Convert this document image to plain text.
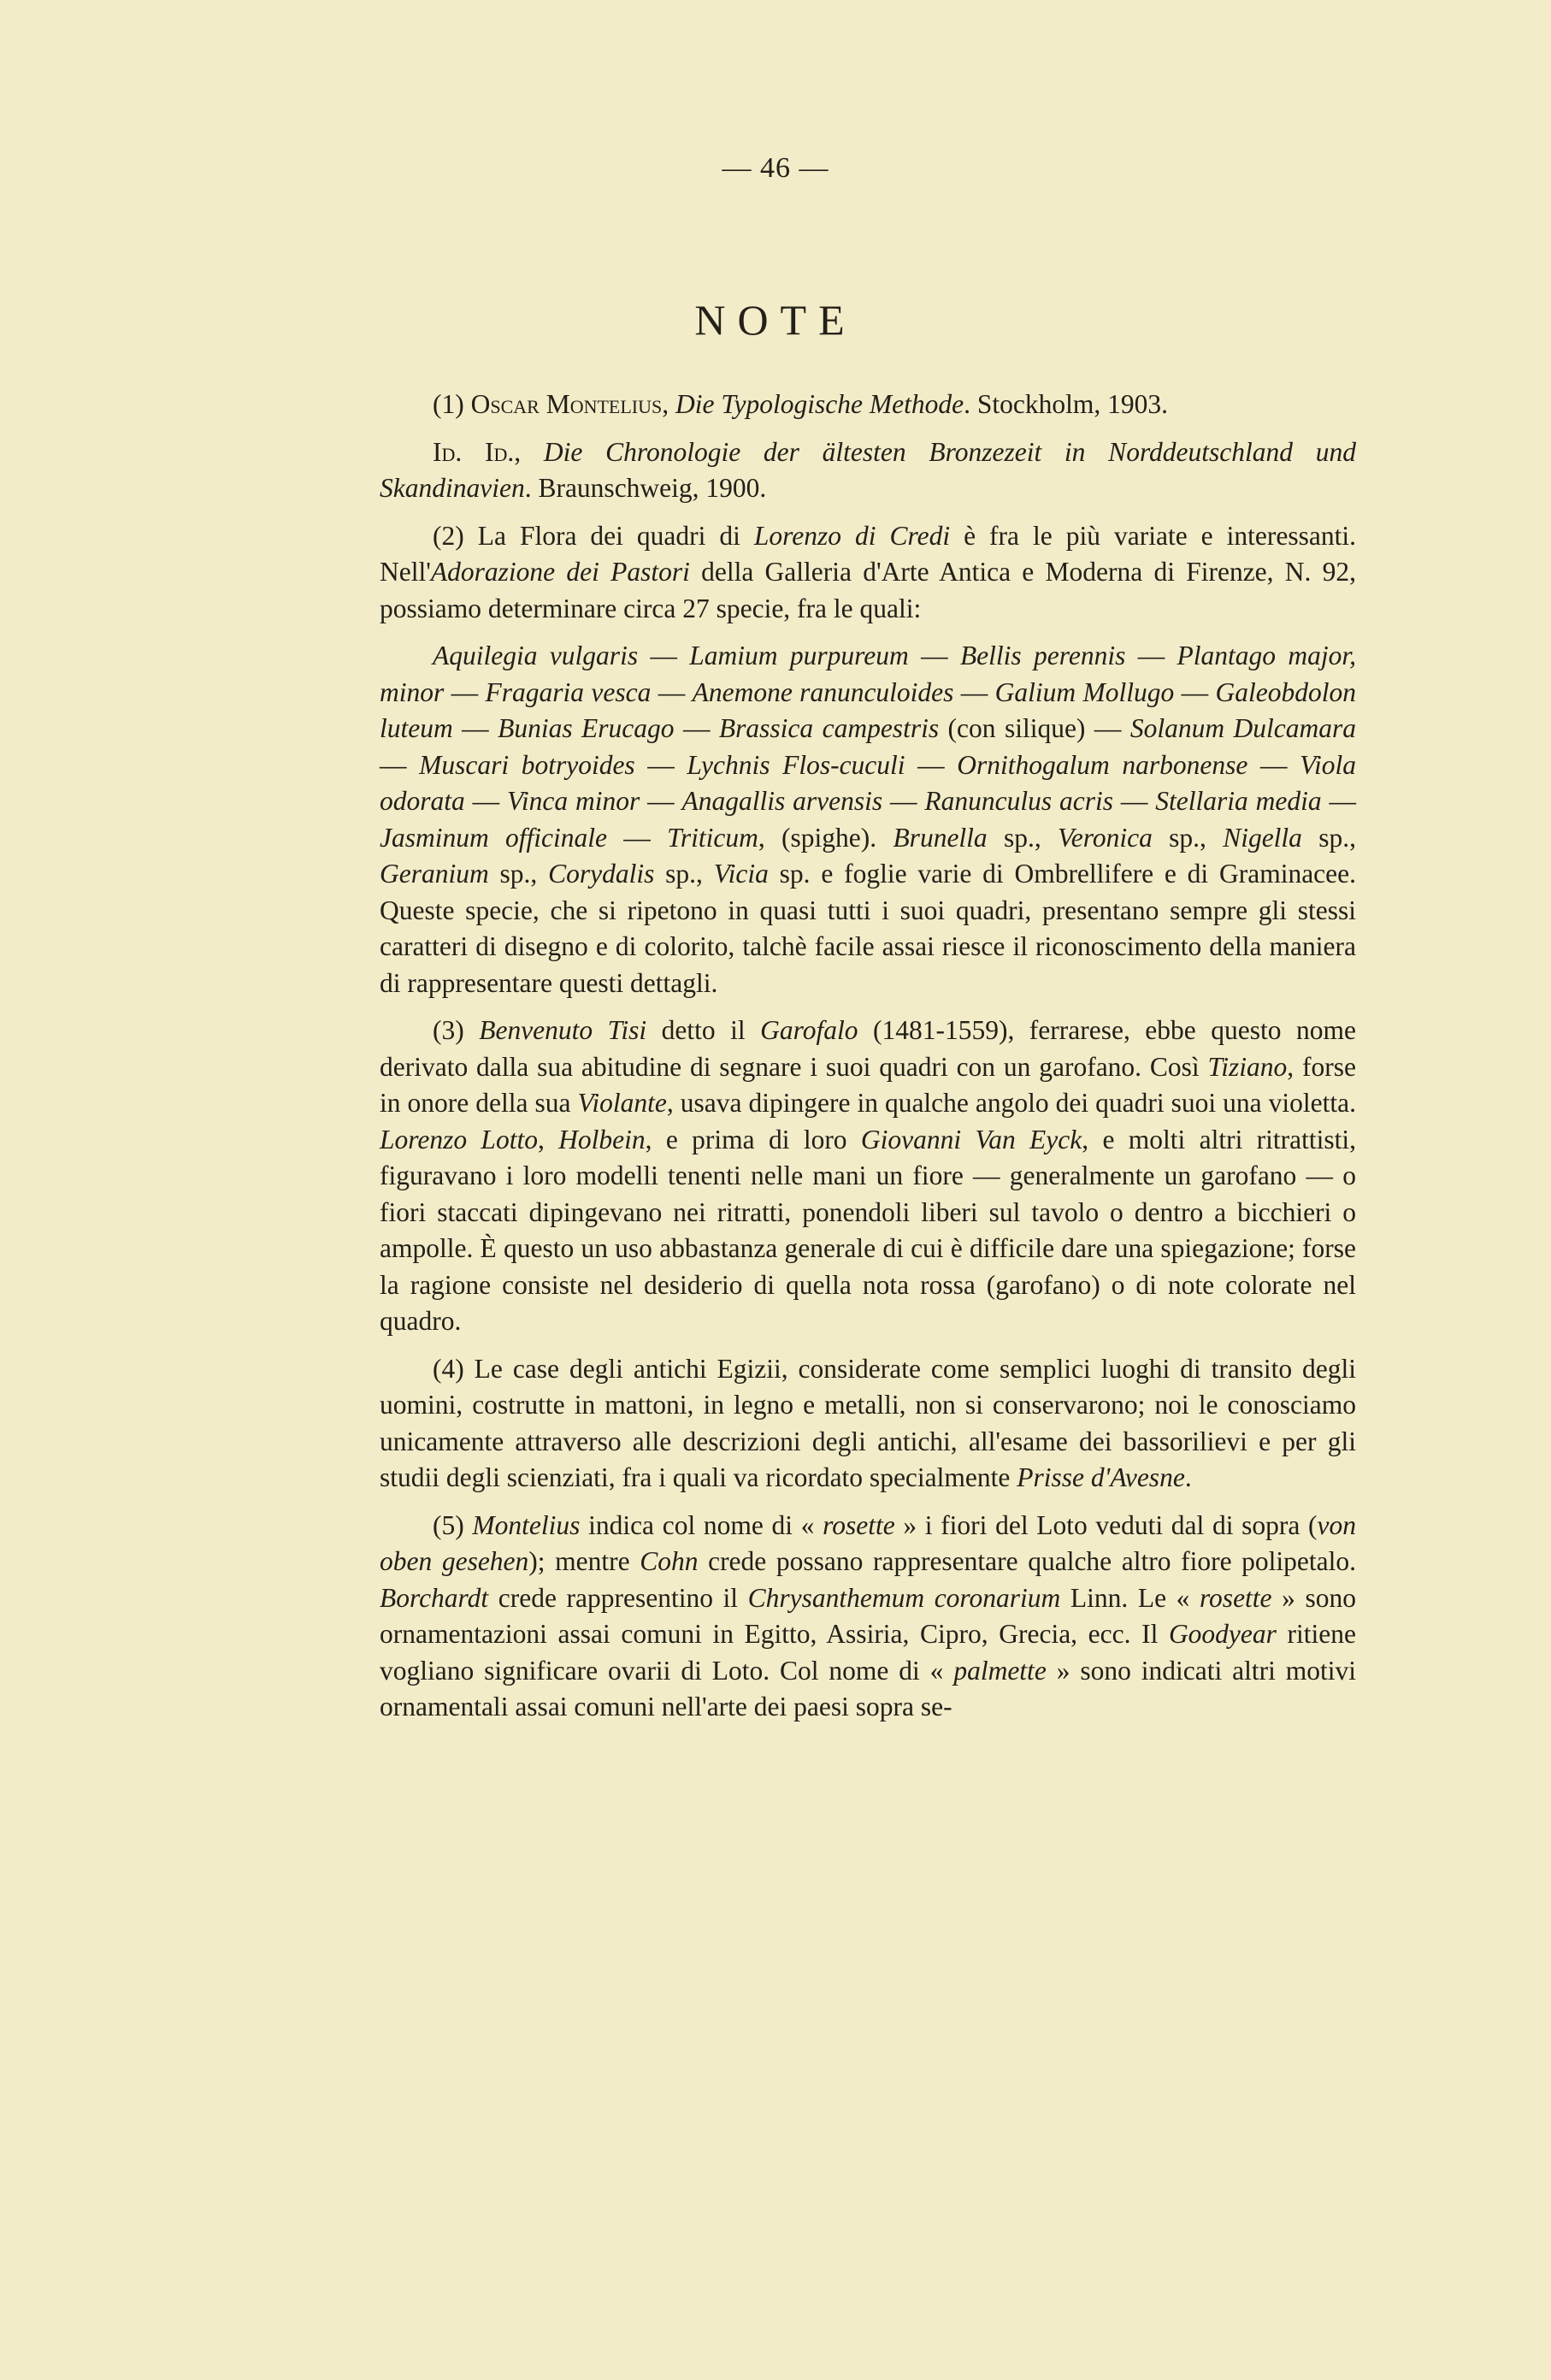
— 46 —
NOTE

(1) Oscar Montelius, Die Typologische Methode. Stockholm, 1903.

Id. Id., Die Chronologie der ältesten Bronzezeit in Norddeutschland und Skandinavien. Braunschweig, 1900.

(2) La Flora dei quadri di Lorenzo di Credi è fra le più variate e interessanti. Nell'Adorazione dei Pastori della Galleria d'Arte Antica e Moderna di Firenze, N. 92, possiamo determinare circa 27 specie, fra le quali:

Aquilegia vulgaris — Lamium purpureum — Bellis perennis — Plantago major, minor — Fragaria vesca — Anemone ranunculoides — Galium Mollugo — Galeobdolon luteum — Bunias Erucago — Brassica campestris (con silique) — Solanum Dulcamara — Muscari botryoides — Lychnis Flos-cuculi — Ornithogalum narbonense — Viola odorata — Vinca minor — Anagallis arvensis — Ranunculus acris — Stellaria media — Jasminum officinale — Triticum, (spighe). Brunella sp., Veronica sp., Nigella sp., Geranium sp., Corydalis sp., Vicia sp. e foglie varie di Ombrellifere e di Graminacee. Queste specie, che si ripetono in quasi tutti i suoi quadri, presentano sempre gli stessi caratteri di disegno e di colorito, talchè facile assai riesce il riconoscimento della maniera di rappresentare questi dettagli.

(3) Benvenuto Tisi detto il Garofalo (1481-1559), ferrarese, ebbe questo nome derivato dalla sua abitudine di segnare i suoi quadri con un garofano. Così Tiziano, forse in onore della sua Violante, usava dipingere in qualche angolo dei quadri suoi una violetta. Lorenzo Lotto, Holbein, e prima di loro Giovanni Van Eyck, e molti altri ritrattisti, figuravano i loro modelli tenenti nelle mani un fiore — generalmente un garofano — o fiori staccati dipingevano nei ritratti, ponendoli liberi sul tavolo o dentro a bicchieri o ampolle. È questo un uso abbastanza generale di cui è difficile dare una spiegazione; forse la ragione consiste nel desiderio di quella nota rossa (garofano) o di note colorate nel quadro.

(4) Le case degli antichi Egizii, considerate come semplici luoghi di transito degli uomini, costrutte in mattoni, in legno e metalli, non si conservarono; noi le conosciamo unicamente attraverso alle descrizioni degli antichi, all'esame dei bassorilievi e per gli studii degli scienziati, fra i quali va ricordato specialmente Prisse d'Avesne.

(5) Montelius indica col nome di « rosette » i fiori del Loto veduti dal di sopra (von oben gesehen); mentre Cohn crede possano rappresentare qualche altro fiore polipetalo. Borchardt crede rappresentino il Chrysanthemum coronarium Linn. Le « rosette » sono ornamentazioni assai comuni in Egitto, Assiria, Cipro, Grecia, ecc. Il Goodyear ritiene vogliano significare ovarii di Loto. Col nome di « palmette » sono indicati altri motivi ornamentali assai comuni nell'arte dei paesi sopra se-
